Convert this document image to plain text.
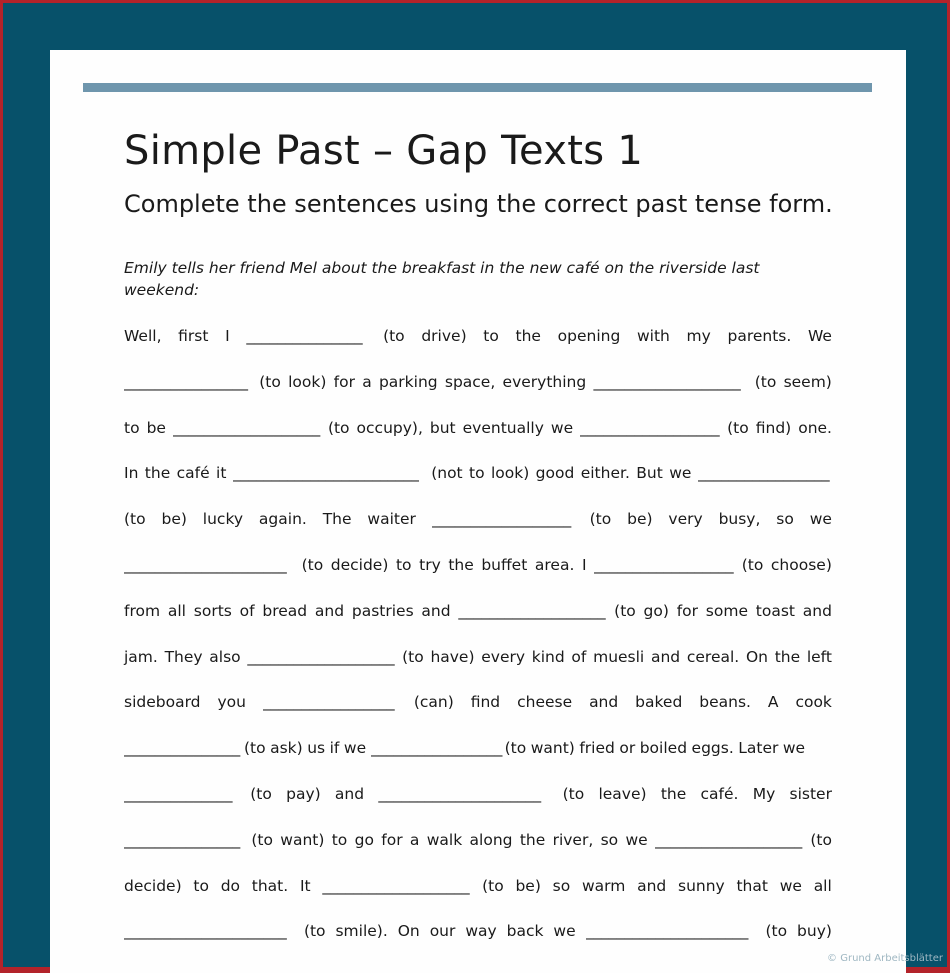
Simple Past – Gap Texts 1
Complete the sentences using the correct past tense form.

Emily tells her friend Mel about the breakfast in the new café on the riverside last weekend:

Well, first I _______________ (to drive) to the opening with my parents. We
________________ (to look) for a parking space, everything ___________________ (to seem)
to be ___________________ (to occupy), but eventually we __________________ (to find) one.
In the café it ________________________ (not to look) good either. But we _________________
(to be) lucky again. The waiter __________________ (to be) very busy, so we
_____________________ (to decide) to try the buffet area. I __________________ (to choose)
from all sorts of bread and pastries and ___________________ (to go) for some toast and
jam. They also ___________________ (to have) every kind of muesli and cereal. On the left
sideboard you _________________ (can) find cheese and baked beans. A cook
_______________ (to ask) us if we _________________ (to want) fried or boiled eggs. Later we
______________ (to pay) and _____________________	(to leave) the café. My sister
_______________ (to want) to go for a walk along the river, so we ___________________ (to
decide) to do that. It ___________________ (to be) so warm and sunny that we all
_____________________	(to smile). On our way back we _____________________	(to buy)
© Grund Arbeitsblätter
